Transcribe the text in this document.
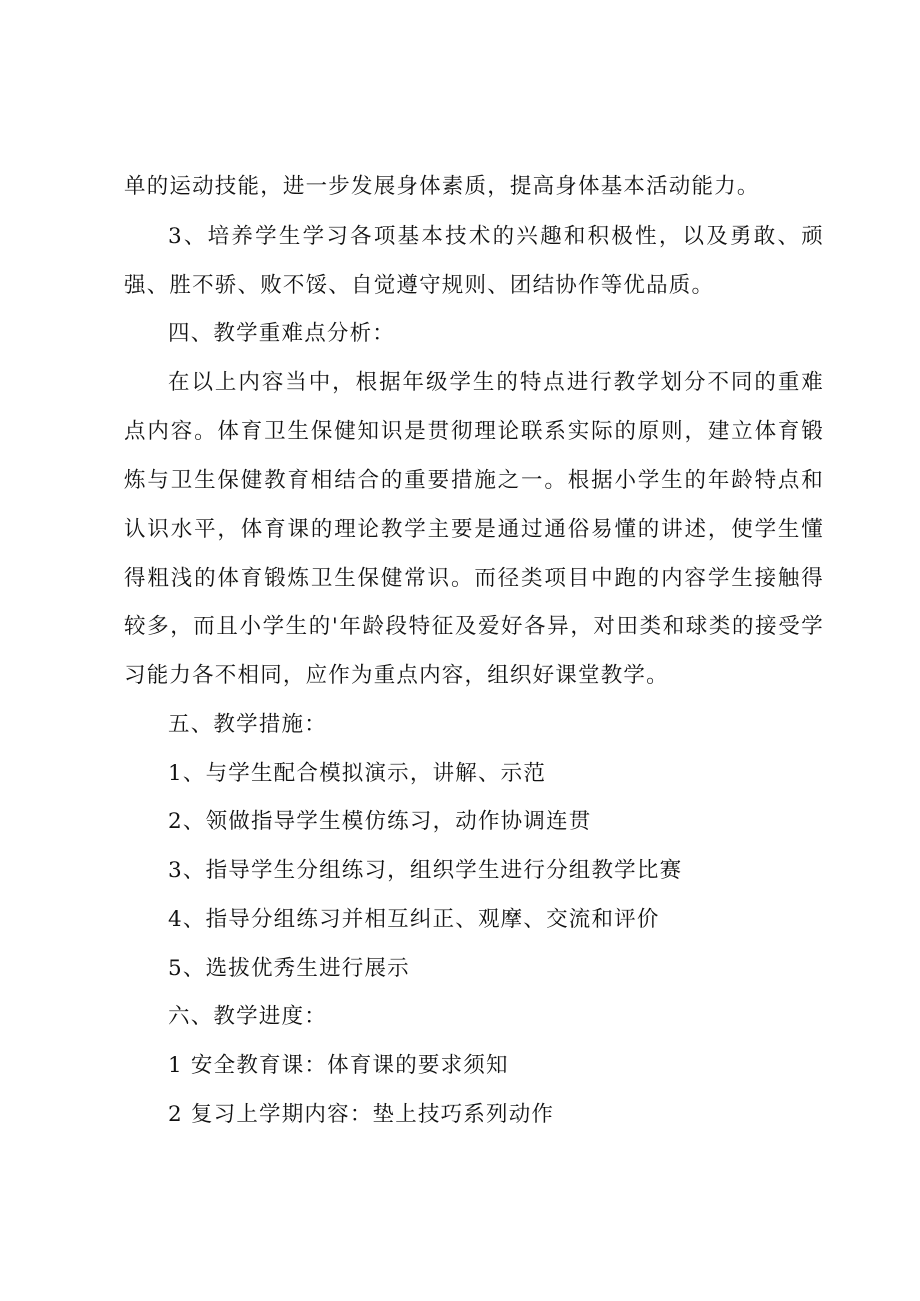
单的运动技能，进一步发展身体素质，提高身体基本活动能力。
3、培养学生学习各项基本技术的兴趣和积极性，以及勇敢、顽
强、胜不骄、败不馁、自觉遵守规则、团结协作等优品质。
四、教学重难点分析：
在以上内容当中，根据年级学生的特点进行教学划分不同的重难
点内容。体育卫生保健知识是贯彻理论联系实际的原则，建立体育锻
炼与卫生保健教育相结合的重要措施之一。根据小学生的年龄特点和
认识水平，体育课的理论教学主要是通过通俗易懂的讲述，使学生懂
得粗浅的体育锻炼卫生保健常识。而径类项目中跑的内容学生接触得
较多，而且小学生的'年龄段特征及爱好各异，对田类和球类的接受学
习能力各不相同，应作为重点内容，组织好课堂教学。
五、教学措施：
1、与学生配合模拟演示，讲解、示范
2、领做指导学生模仿练习，动作协调连贯
3、指导学生分组练习，组织学生进行分组教学比赛
4、指导分组练习并相互纠正、观摩、交流和评价
5、选拔优秀生进行展示
六、教学进度：
1 安全教育课：体育课的要求须知
2 复习上学期内容：垫上技巧系列动作
